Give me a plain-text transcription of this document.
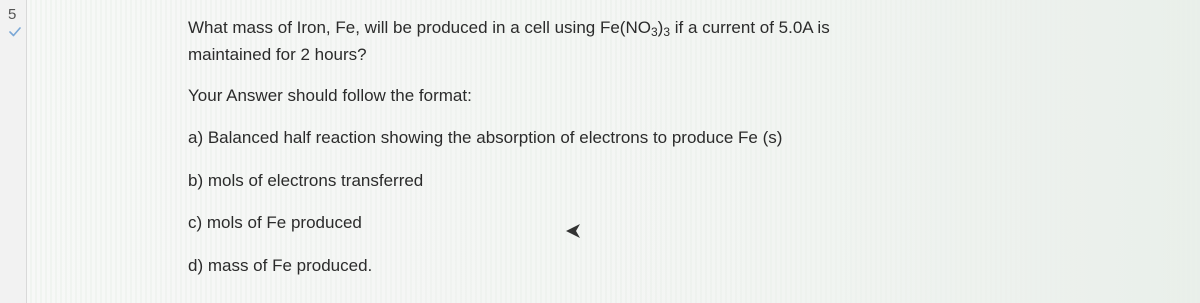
5

What mass of Iron, Fe, will be produced in a cell using $Fe(NO_3)_3$ if a current of 5.0A is
maintained for 2 hours?

Your Answer should follow the format:

a) Balanced half reaction showing the absorption of electrons to produce Fe (s)

b) mols of electrons transferred

c) mols of Fe produced

d) mass of Fe produced.
